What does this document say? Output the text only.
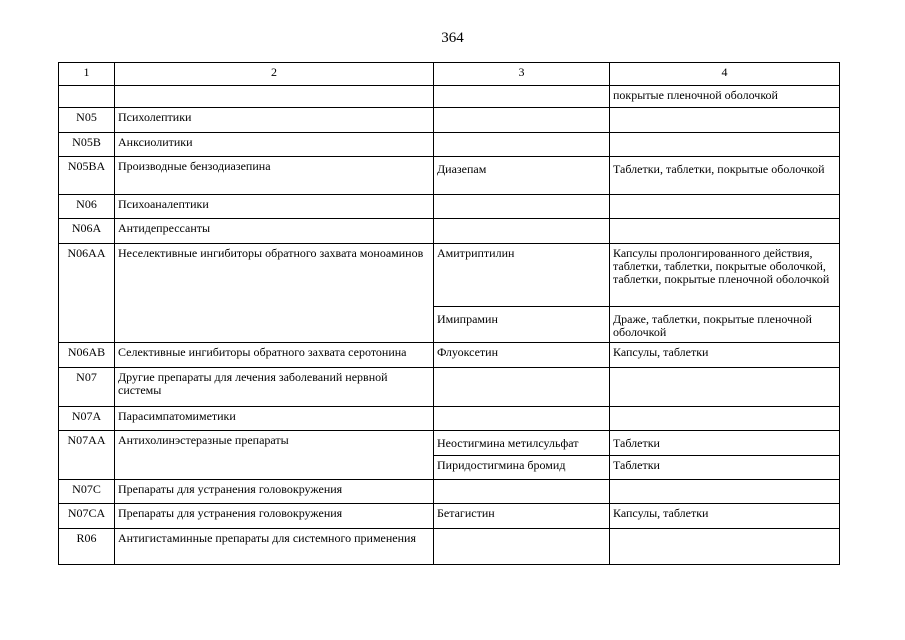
364
1	2	3	4
			покрытые пленочной оболочкой
N05	Психолептики		
N05B	Анксиолитики		
N05BA	Производные бензодиазепина	Диазепам	Таблетки, таблетки, покрытые оболочкой
N06	Психоаналептики		
N06A	Антидепрессанты		
N06AA	Неселективные ингибиторы обратного захвата моноаминов	Амитриптилин	Капсулы пролонгированного действия, таблетки, таблетки, покрытые оболочкой, таблетки, покрытые пленочной оболочкой
		Имипрамин	Драже, таблетки, покрытые пленочной оболочкой
N06AB	Селективные ингибиторы обратного захвата серотонина	Флуоксетин	Капсулы, таблетки
N07	Другие препараты для лечения заболеваний нервной системы		
N07A	Парасимпатомиметики		
N07AA	Антихолинэстеразные препараты	Неостигмина метилсульфат	Таблетки
		Пиридостигмина бромид	Таблетки
N07C	Препараты для устранения головокружения		
N07CA	Препараты для устранения головокружения	Бетагистин	Капсулы, таблетки
R06	Антигистаминные препараты для системного применения		
